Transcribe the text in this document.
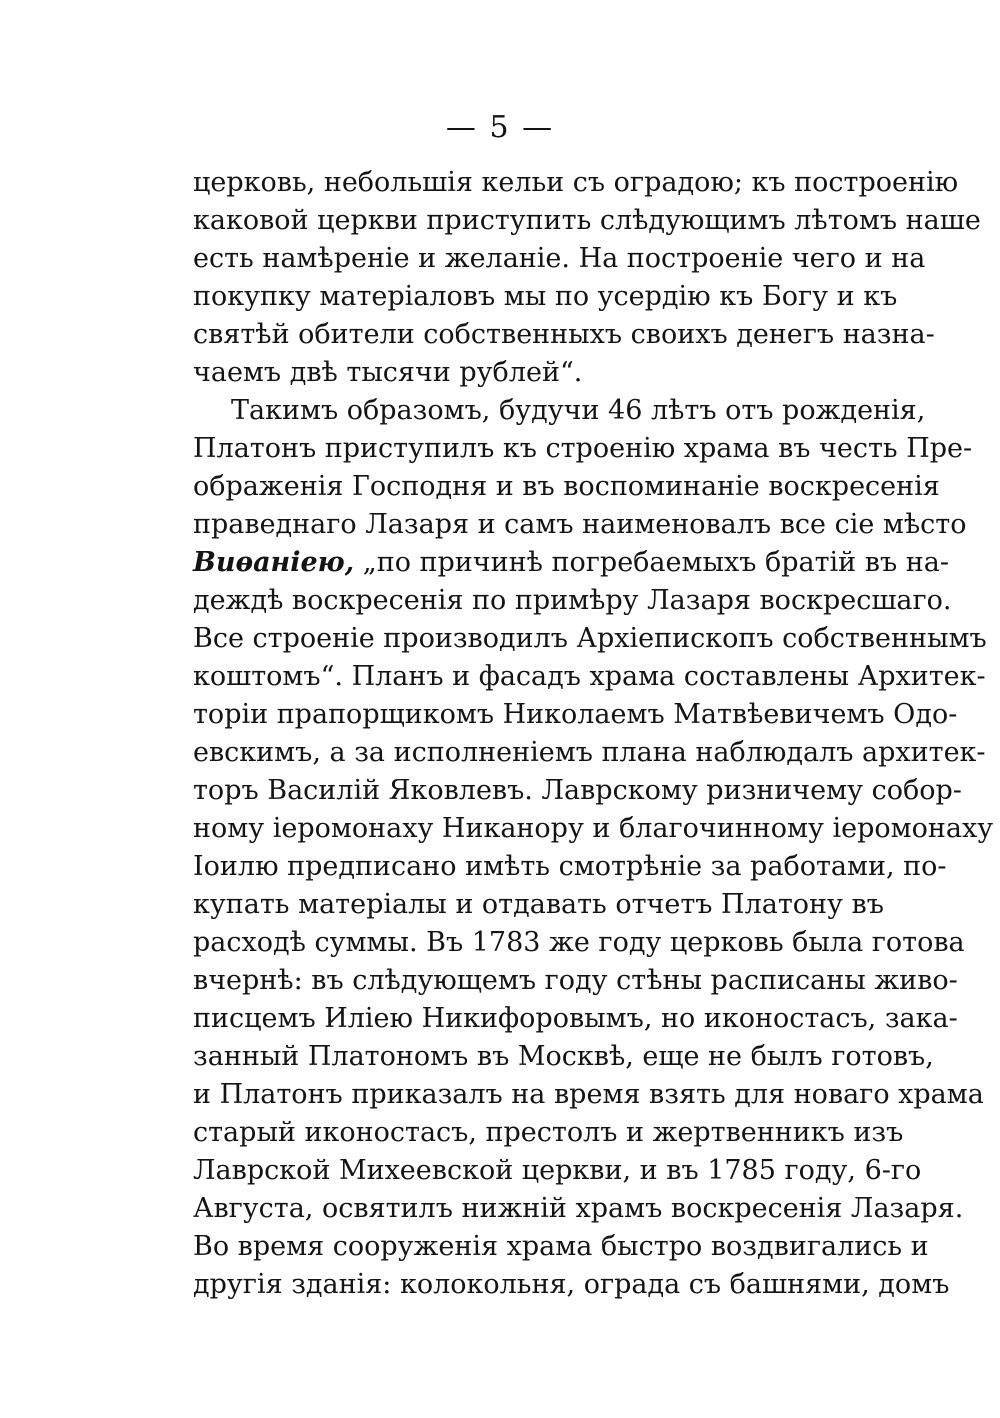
— 5 —
церковь, небольшія кельи съ оградою; къ построенію
каковой церкви приступить слѣдующимъ лѣтомъ наше
есть намѣреніе и желаніе. На построеніе чего и на
покупку матеріаловъ мы по усердію къ Богу и къ
святѣй обители собственныхъ своихъ денегъ назна-
чаемъ двѣ тысячи рублей“.
Такимъ образомъ, будучи 46 лѣтъ отъ рожденія,
Платонъ приступилъ къ строенію храма въ честь Пре-
ображенія Господня и въ воспоминаніе воскресенія
праведнаго Лазаря и самъ наименовалъ все сіе мѣсто
Виѳаніею, „по причинѣ погребаемыхъ братій въ на-
деждѣ воскресенія по примѣру Лазаря воскресшаго.
Все строеніе производилъ Архіепископъ собственнымъ
коштомъ“. Планъ и фасадъ храма составлены Архитек-
торіи прапорщикомъ Николаемъ Матвѣевичемъ Одо-
евскимъ, а за исполненіемъ плана наблюдалъ архитек-
торъ Василій Яковлевъ. Лаврскому ризничему собор-
ному іеромонаху Никанору и благочинному іеромонаху
Іоилю предписано имѣть смотрѣніе за работами, по-
купать матеріалы и отдавать отчетъ Платону въ
расходѣ суммы. Въ 1783 же году церковь была готова
вчернѣ: въ слѣдующемъ году стѣны расписаны живо-
писцемъ Иліею Никифоровымъ, но иконостасъ, зака-
занный Платономъ въ Москвѣ, еще не былъ готовъ,
и Платонъ приказалъ на время взять для новаго храма
старый иконостасъ, престолъ и жертвенникъ изъ
Лаврской Михеевской церкви, и въ 1785 году, 6-го
Августа, освятилъ нижній храмъ воскресенія Лазаря.
Во время сооруженія храма быстро воздвигались и
другія зданія: колокольня, ограда съ башнями, домъ
